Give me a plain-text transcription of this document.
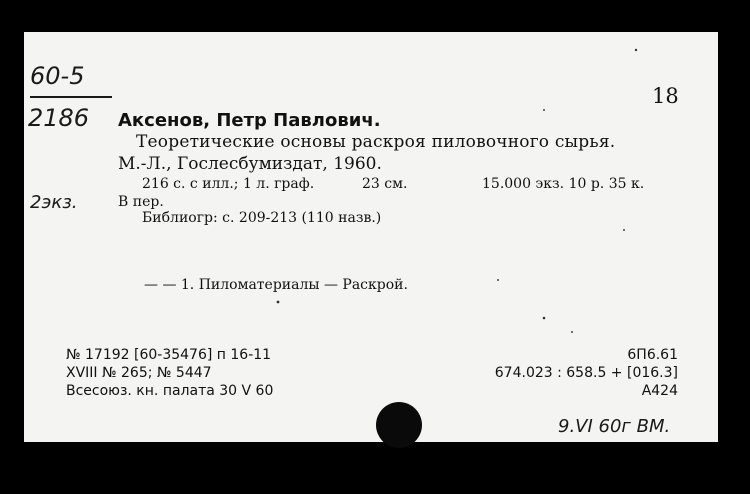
60-5
2186
2экз.
18
Аксенов, Петр Павлович.
Теоретические основы раскроя пиловочного сырья.
М.-Л., Гослесбумиздат, 1960.
216 с. с илл.; 1 л. граф.	23 см.	15.000 экз. 10 р. 35 к.
В пер.
Библиогр: с. 209-213 (110 назв.)
— — 1. Пиломатериалы — Раскрой.
№ 17192 [60-35476] п 16-11
XVIII № 265; № 5447
Всесоюз. кн. палата 30 V 60
6П6.61
674.023 : 658.5 + [016.3]
А424
9.VI 60г ВМ.
